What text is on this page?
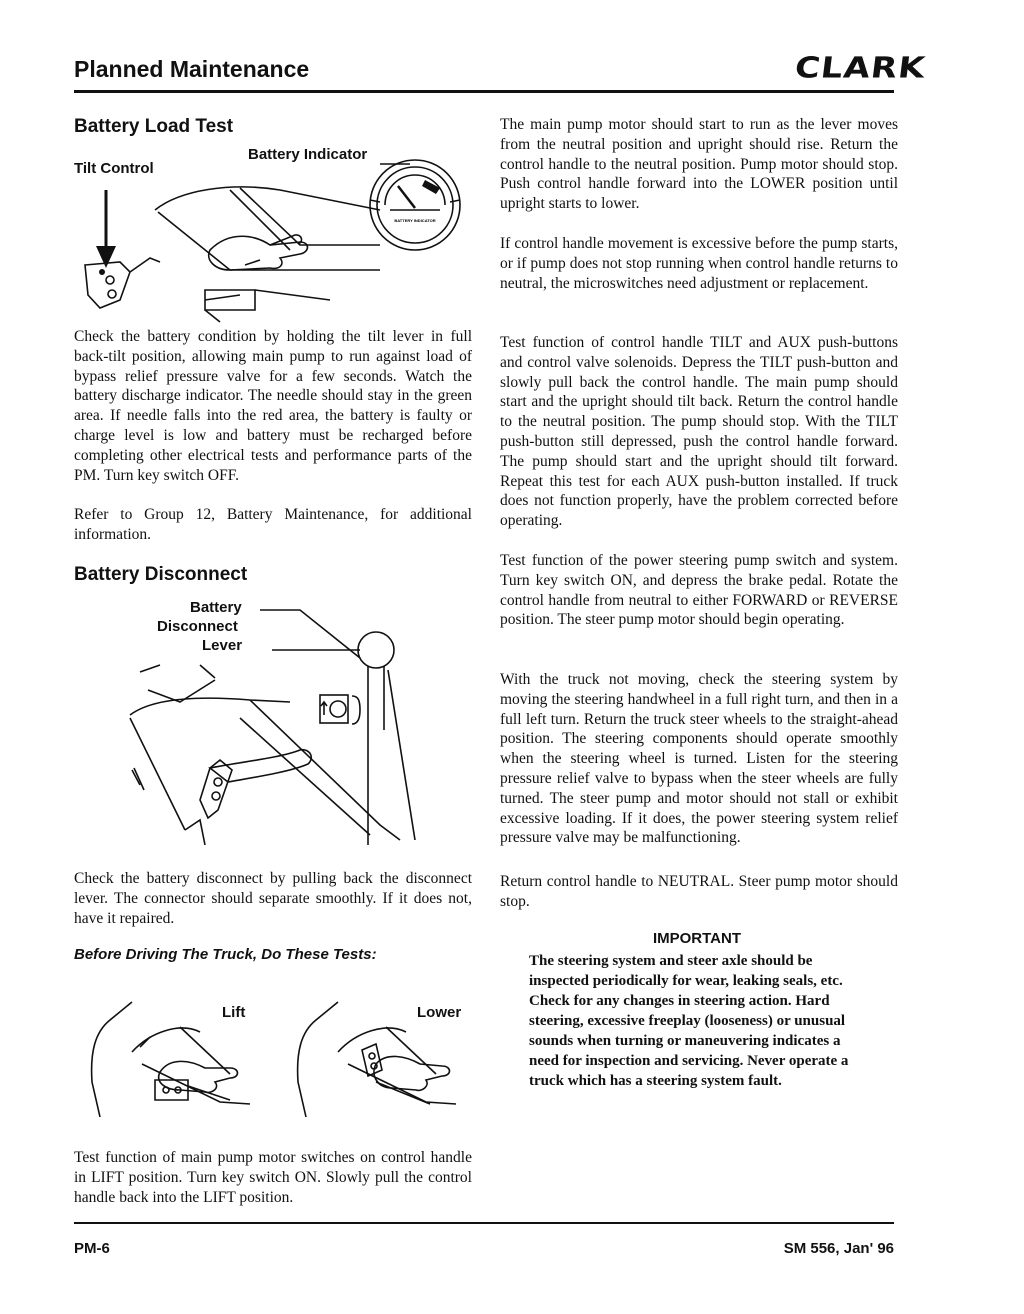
Planned Maintenance	CLARK
Battery Load Test
Tilt Control
Battery Indicator
BATTERY INDICATOR

Check the battery condition by holding the tilt lever in full back-tilt position, allowing main pump to run against load of bypass relief pressure valve for a few seconds. Watch the battery discharge indicator. The needle should stay in the green area. If needle falls into the red area, the battery is faulty or charge level is low and battery must be recharged before completing other electrical tests and performance parts of the PM. Turn key switch OFF.

Refer to Group 12, Battery Maintenance, for additional information.

Battery Disconnect
Battery
Disconnect
Lever

Check the battery disconnect by pulling back the disconnect lever. The connector should separate smoothly. If it does not, have it repaired.

Before Driving The Truck, Do These Tests:
Lift	Lower

Test function of main pump motor switches on control handle in LIFT position. Turn key switch ON. Slowly pull the control handle back into the LIFT position.

The main pump motor should start to run as the lever moves from the neutral position and upright should rise. Return the control handle to the neutral position. Pump motor should stop. Push control handle forward into the LOWER position until upright starts to lower.

If control handle movement is excessive before the pump starts, or if pump does not stop running when control handle returns to neutral, the microswitches need adjustment or replacement.

Test function of control handle TILT and AUX push-buttons and control valve solenoids. Depress the TILT push-button and slowly pull back the control handle. The main pump should start and the upright should tilt back. Return the control handle to the neutral position. The pump should stop. With the TILT push-button still depressed, push the control handle forward. The pump should start and the upright should tilt forward. Repeat this test for each AUX push-button installed. If truck does not function properly, have the problem corrected before operating.

Test function of the power steering pump switch and system. Turn key switch ON, and depress the brake pedal. Rotate the control handle from neutral to either FORWARD or REVERSE position. The steer pump motor should begin operating.

With the truck not moving, check the steering system by moving the steering handwheel in a full right turn, and then in a full left turn. Return the truck steer wheels to the straight-ahead position. The steering components should operate smoothly when the steering wheel is turned. Listen for the steering pressure relief valve to bypass when the steer wheels are fully turned. The steer pump and motor should not stall or exhibit excessive loading. If it does, the power steering system relief pressure valve may be malfunctioning.

Return control handle to NEUTRAL. Steer pump motor should stop.

IMPORTANT

The steering system and steer axle should be inspected periodically for wear, leaking seals, etc. Check for any changes in steering action. Hard steering, excessive freeplay (looseness) or unusual sounds when turning or maneuvering indicates a need for inspection and servicing. Never operate a truck which has a steering system fault.

PM-6	SM 556, Jan' 96
